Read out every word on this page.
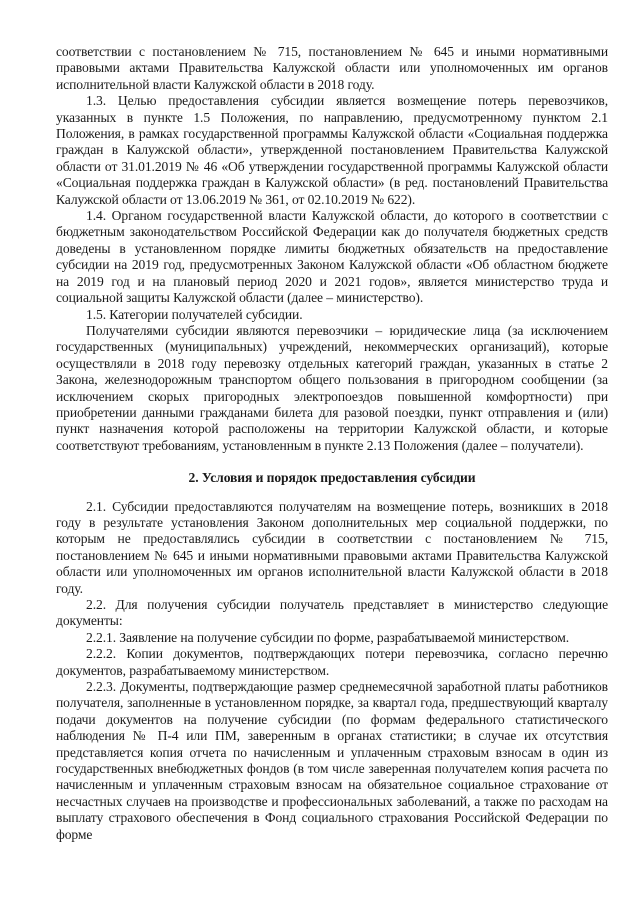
соответствии с постановлением № 715, постановлением № 645 и иными нормативными правовыми актами Правительства Калужской области или уполномоченных им органов исполнительной власти Калужской области в 2018 году.

1.3. Целью предоставления субсидии является возмещение потерь перевозчиков, указанных в пункте 1.5 Положения, по направлению, предусмотренному пунктом 2.1 Положения, в рамках государственной программы Калужской области «Социальная поддержка граждан в Калужской области», утвержденной постановлением Правительства Калужской области от 31.01.2019 № 46 «Об утверждении государственной программы Калужской области «Социальная поддержка граждан в Калужской области» (в ред. постановлений Правительства Калужской области от 13.06.2019 № 361, от 02.10.2019 № 622).

1.4. Органом государственной власти Калужской области, до которого в соответствии с бюджетным законодательством Российской Федерации как до получателя бюджетных средств доведены в установленном порядке лимиты бюджетных обязательств на предоставление субсидии на 2019 год, предусмотренных Законом Калужской области «Об областном бюджете на 2019 год и на плановый период 2020 и 2021 годов», является министерство труда и социальной защиты Калужской области (далее – министерство).

1.5. Категории получателей субсидии.

Получателями субсидии являются перевозчики – юридические лица (за исключением государственных (муниципальных) учреждений, некоммерческих организаций), которые осуществляли в 2018 году перевозку отдельных категорий граждан, указанных в статье 2 Закона, железнодорожным транспортом общего пользования в пригородном сообщении (за исключением скорых пригородных электропоездов повышенной комфортности) при приобретении данными гражданами билета для разовой поездки, пункт отправления и (или) пункт назначения которой расположены на территории Калужской области, и которые соответствуют требованиям, установленным в пункте 2.13 Положения (далее – получатели).

2. Условия и порядок предоставления субсидии

2.1. Субсидии предоставляются получателям на возмещение потерь, возникших в 2018 году в результате установления Законом дополнительных мер социальной поддержки, по которым не предоставлялись субсидии в соответствии с постановлением № 715, постановлением № 645 и иными нормативными правовыми актами Правительства Калужской области или уполномоченных им органов исполнительной власти Калужской области в 2018 году.

2.2. Для получения субсидии получатель представляет в министерство следующие документы:

2.2.1. Заявление на получение субсидии по форме, разрабатываемой министерством.

2.2.2. Копии документов, подтверждающих потери перевозчика, согласно перечню документов, разрабатываемому министерством.

2.2.3. Документы, подтверждающие размер среднемесячной заработной платы работников получателя, заполненные в установленном порядке, за квартал года, предшествующий кварталу подачи документов на получение субсидии (по формам федерального статистического наблюдения № П-4 или ПМ, заверенным в органах статистики; в случае их отсутствия представляется копия отчета по начисленным и уплаченным страховым взносам в один из государственных внебюджетных фондов (в том числе заверенная получателем копия расчета по начисленным и уплаченным страховым взносам на обязательное социальное страхование от несчастных случаев на производстве и профессиональных заболеваний, а также по расходам на выплату страхового обеспечения в Фонд социального страхования Российской Федерации по форме
